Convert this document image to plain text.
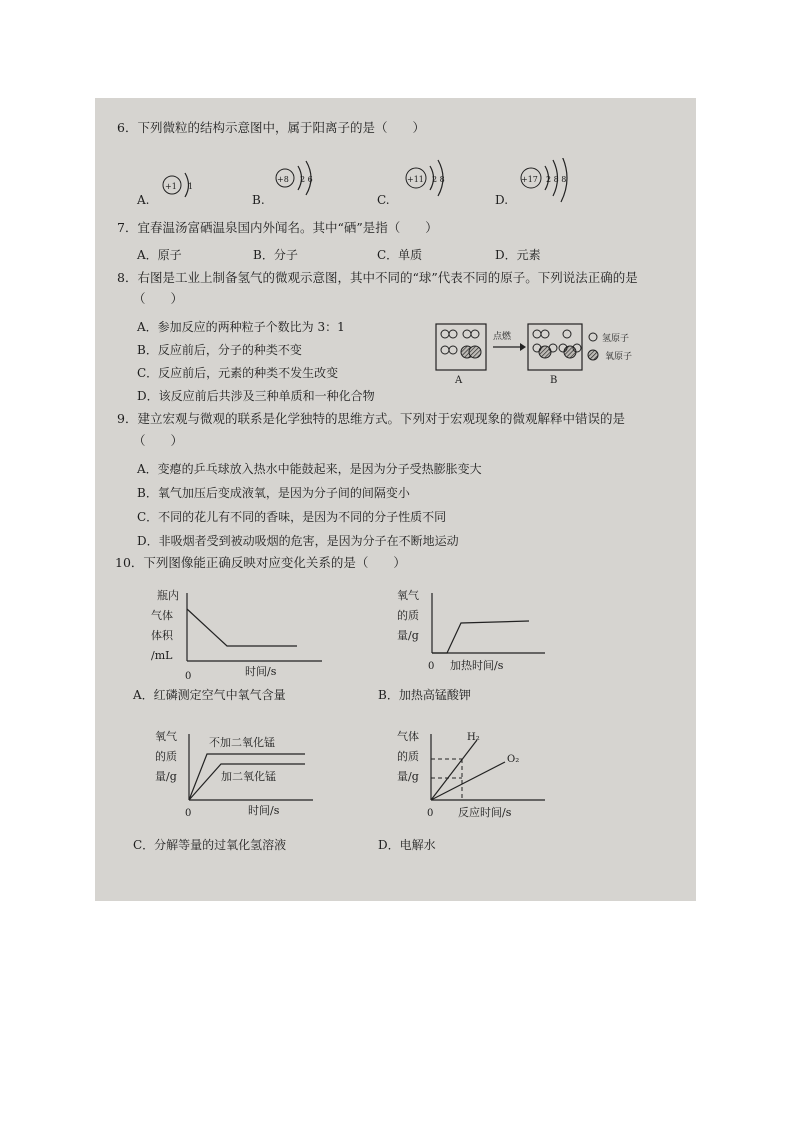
6．下列微粒的结构示意图中，属于阳离子的是（　　）
A.
+1 1
B.
+8 2 6
C.
+11 2 8
D.
+17 2 8 8
7．宜春温汤富硒温泉国内外闻名。其中“硒”是指（　　）
A．原子	B．分子	C．单质	D．元素
8．右图是工业上制备氢气的微观示意图，其中不同的“球”代表不同的原子。下列说法正确的是
（　　）
A．参加反应的两种粒子个数比为 3：1
B．反应前后，分子的种类不变
C．反应前后，元素的种类不发生改变
D．该反应前后共涉及三种单质和一种化合物
A
点燃
B
氢原子
氧原子
9．建立宏观与微观的联系是化学独特的思维方式。下列对于宏观现象的微观解释中错误的是
（　　）
A．变瘪的乒乓球放入热水中能鼓起来，是因为分子受热膨胀变大
B．氧气加压后变成液氧，是因为分子间的间隔变小
C．不同的花儿有不同的香味，是因为不同的分子性质不同
D．非吸烟者受到被动吸烟的危害，是因为分子在不断地运动
10．下列图像能正确反映对应变化关系的是（　　）
瓶内
气体
体积
/mL
0	时间/s
A．红磷测定空气中氧气含量
氧气
的质
量/g
0 加热时间/s
B．加热高锰酸钾
氧气
的质
量/g
不加二氧化锰
加二氧化锰
0	时间/s
C．分解等量的过氧化氢溶液
气体
的质
量/g
H₂
O₂
0 反应时间/s
D．电解水
